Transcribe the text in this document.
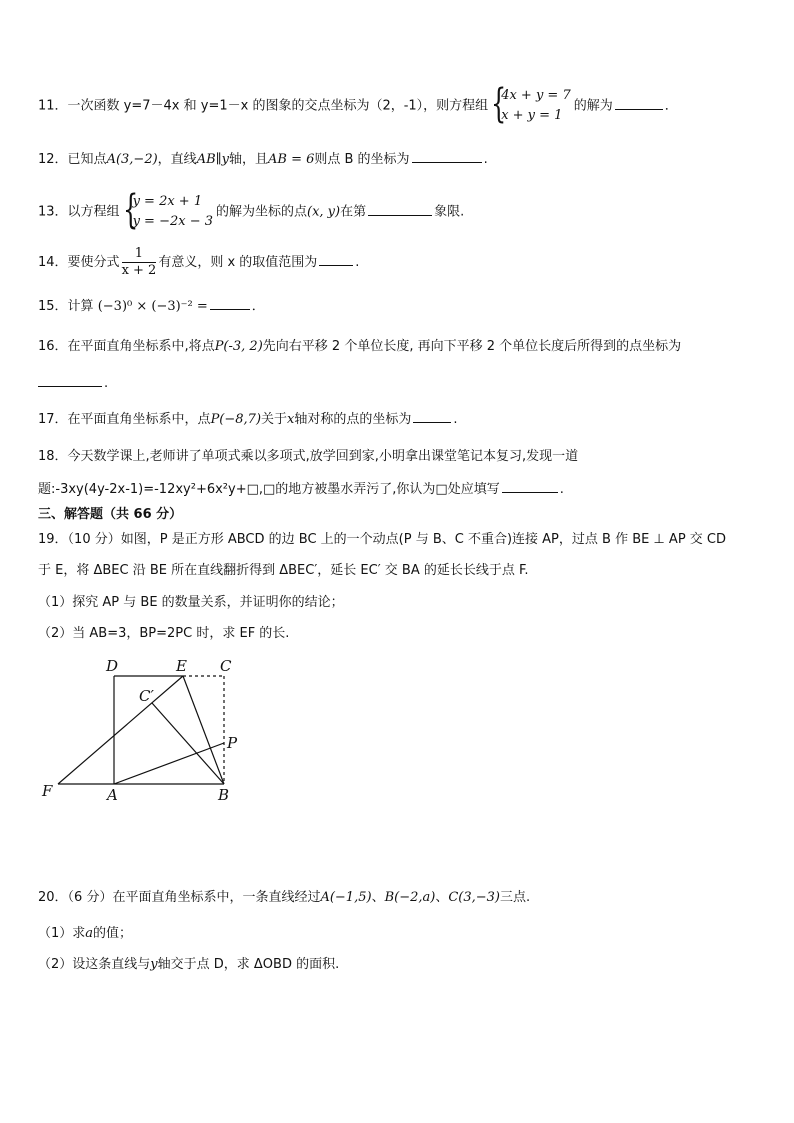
11．一次函数 y=7－4x 和 y=1－x 的图象的交点坐标为（2，-1），则方程组 {
4x + y = 7
x + y = 1
的解为	．
12．已知点A(3,−2)，直线AB∥y轴，且AB = 6则点 B 的坐标为	.
13．以方程组 {
y = 2x + 1
y = −2x − 3
的解为坐标的点(x, y)在第	象限.
14．要使分式 $\frac{1}{x + 2}$ 有意义，则 x 的取值范围为	.
15．计算 (−3)⁰ × (−3)⁻² =	．
16．在平面直角坐标系中,将点P(-3, 2)先向右平移 2 个单位长度, 再向下平移 2 个单位长度后所得到的点坐标为
.
17．在平面直角坐标系中，点P(−8,7)关于x轴对称的点的坐标为	.
18．今天数学课上,老师讲了单项式乘以多项式,放学回到家,小明拿出课堂笔记本复习,发现一道
题:-3xy(4y-2x-1)=-12xy²+6x²y+□,□的地方被墨水弄污了,你认为□处应填写	.
三、解答题（共 66 分）
19．（10 分）如图，P 是正方形 ABCD 的边 BC 上的一个动点(P 与 B、C 不重合)连接 AP，过点 B 作 BE ⊥ AP 交 CD
于 E，将 ΔBEC 沿 BE 所在直线翻折得到 ΔBEC′，延长 EC′ 交 BA 的延长长线于点 F.
（1）探究 AP 与 BE 的数量关系，并证明你的结论；
（2）当 AB=3，BP=2PC 时，求 EF 的长.
D	E C
C′
P
F	A	B
20．（6 分）在平面直角坐标系中，一条直线经过A(−1,5)、B(−2,a)、C(3,−3)三点.
（1）求a的值；
（2）设这条直线与y轴交于点 D，求 ΔOBD 的面积.
